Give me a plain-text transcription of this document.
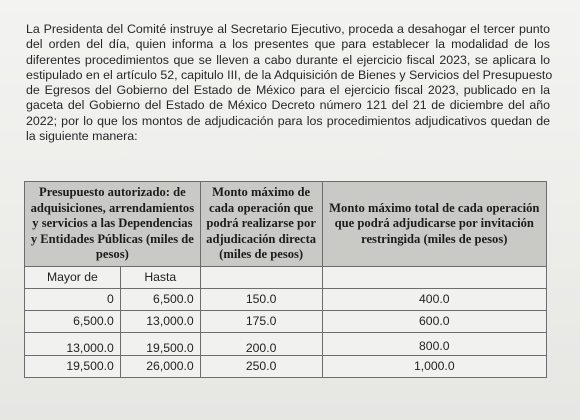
La Presidenta del Comité instruye al Secretario Ejecutivo, proceda a desahogar el tercer punto
del orden del día, quien informa a los presentes que para establecer la modalidad de los
diferentes procedimientos que se lleven a cabo durante el ejercicio fiscal 2023, se aplicara lo
estipulado en el artículo 52, capitulo III, de la Adquisición de Bienes y Servicios del Presupuesto
de Egresos del Gobierno del Estado de México para el ejercicio fiscal 2023, publicado en la
gaceta del Gobierno del Estado de México Decreto número 121 del 21 de diciembre del año
2022; por lo que los montos de adjudicación para los procedimientos adjudicativos quedan de
la siguiente manera:
Presupuesto autorizado: de adquisiciones, arrendamientos y servicios a las Dependencias y Entidades Públicas (miles de pesos)		Monto máximo de cada operación que podrá realizarse por adjudicación directa (miles de pesos)	Monto máximo total de cada operación que podrá adjudicarse por invitación restringida (miles de pesos)
Mayor de	Hasta		
0	6,500.0	150.0	400.0
6,500.0	13,000.0	175.0	600.0
13,000.0	19,500.0	200.0	800.0
19,500.0	26,000.0	250.0	1,000.0
